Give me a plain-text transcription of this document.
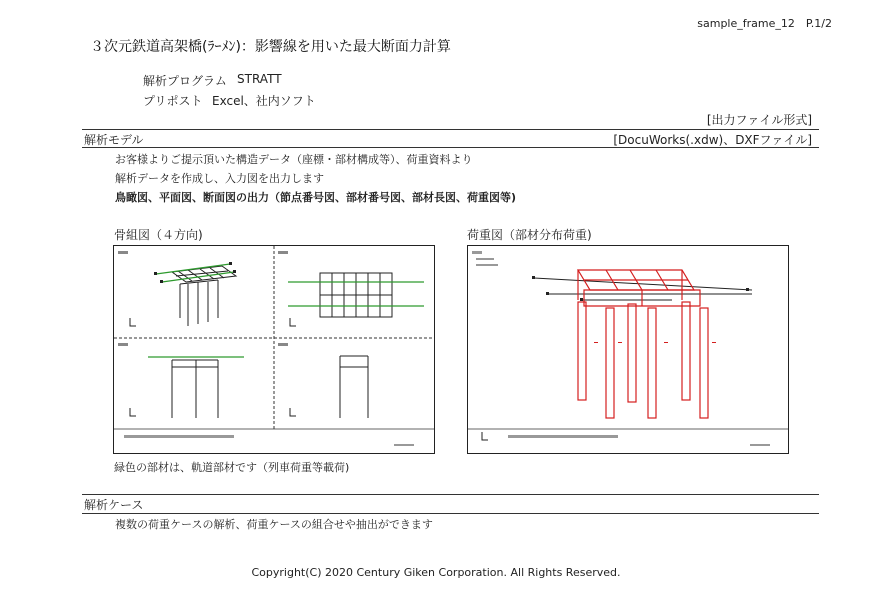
sample_frame_12　P.1/2
３次元鉄道高架橋(ﾗｰﾒﾝ)：影響線を用いた最大断面力計算
解析プログラム STRATT
プリポスト Excel、社内ソフト
[出力ファイル形式]
解析モデル	[DocuWorks(.xdw)、DXFファイル]
お客様よりご提示頂いた構造データ（座標・部材構成等）、荷重資料より
解析データを作成し、入力図を出力します
鳥瞰図、平面図、断面図の出力（節点番号図、部材番号図、部材長図、荷重図等)
骨組図（４方向)	荷重図（部材分布荷重)
緑色の部材は、軌道部材です（列車荷重等載荷)
解析ケース
複数の荷重ケースの解析、荷重ケースの組合せや抽出ができます
Copyright(C) 2020 Century Giken Corporation. All Rights Reserved.
